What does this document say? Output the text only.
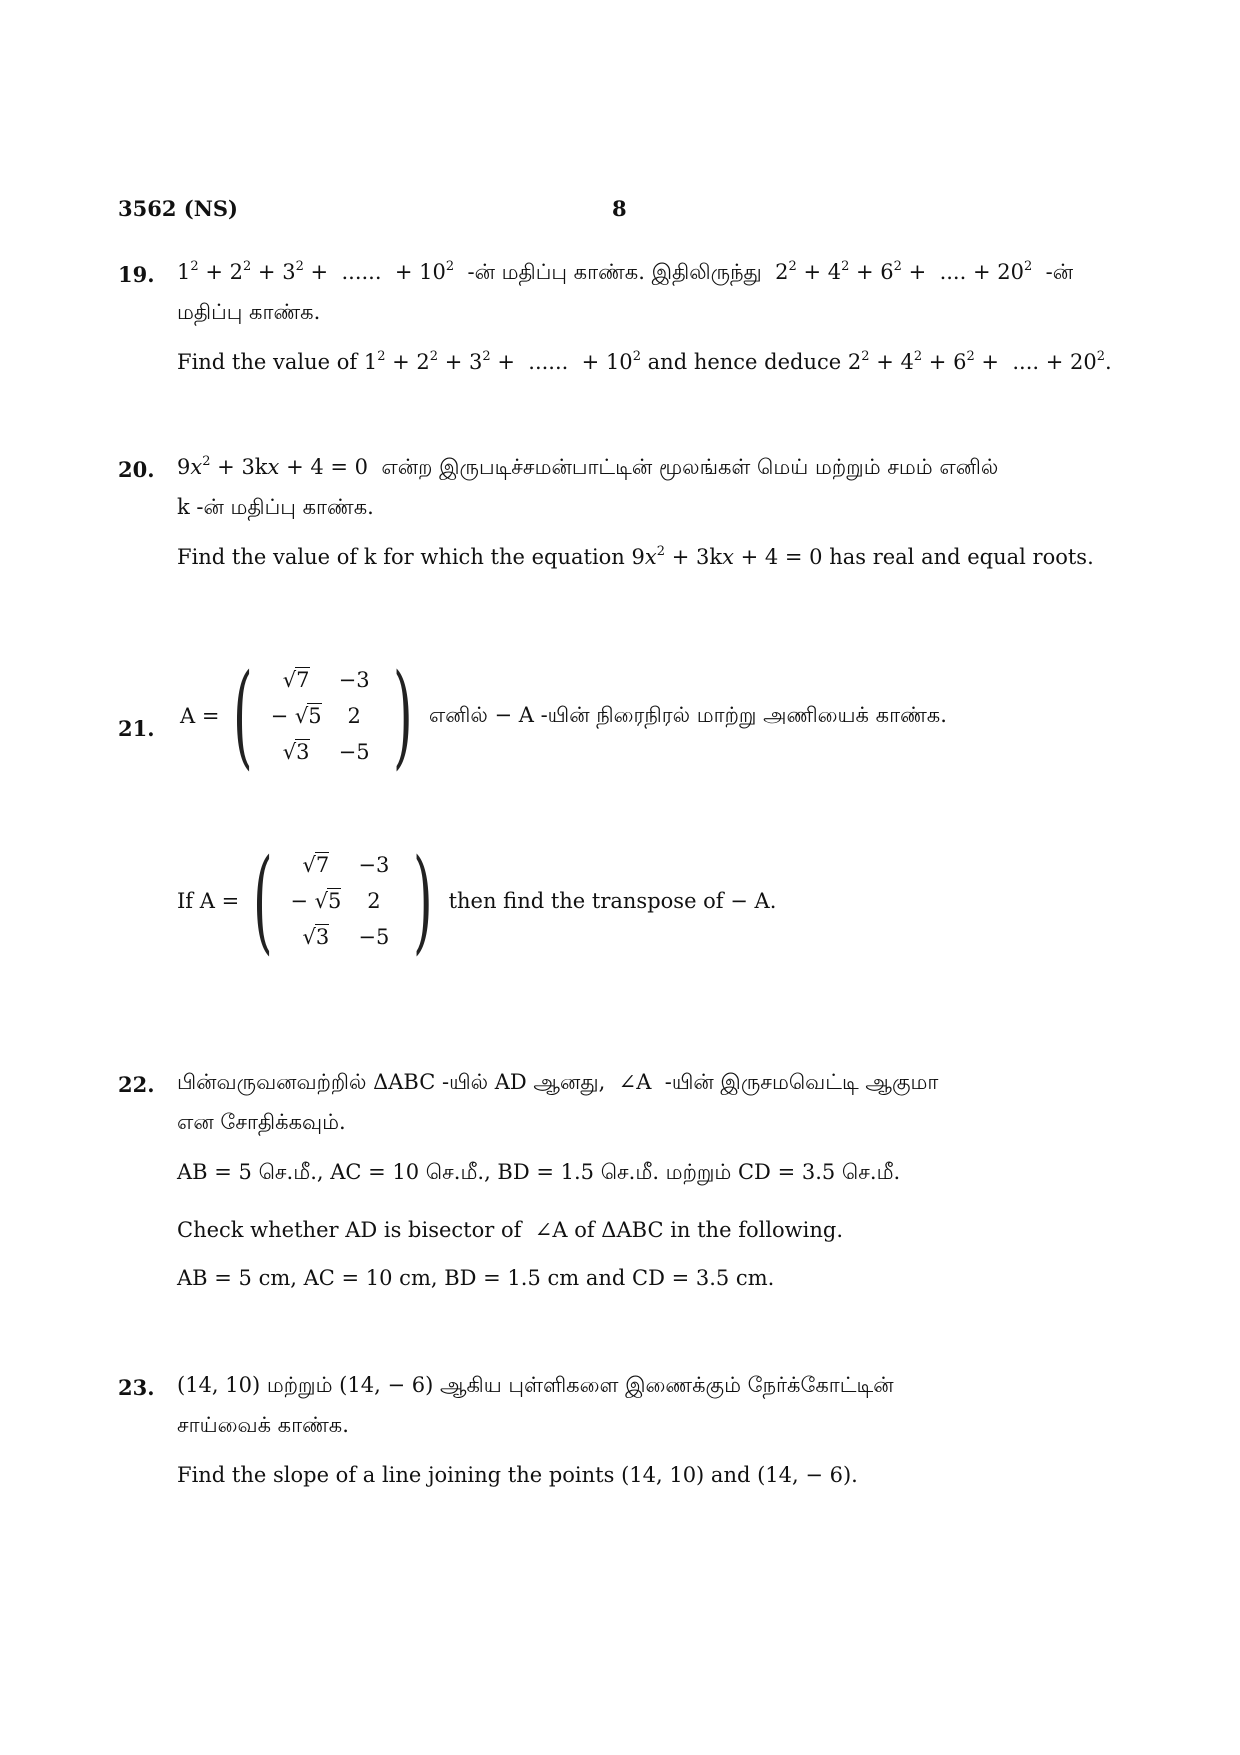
3562 (NS)	8
19. $1^2 + 2^2 + 3^2$ +  ......  + $10^2$ -ன் மதிப்பு காண்க. இதிலிருந்து  $2^2 + 4^2 + 6^2$ +  .... + $20^2$ -ன்
மதிப்பு காண்க.
Find the value of $1^2 + 2^2 + 3^2$ +  ......  + $10^2$ and hence deduce $2^2 + 4^2 + 6^2$ +  .... + $20^2$.
20. $9x^2 + 3kx + 4 = 0$  என்ற இருபடிச்சமன்பாட்டின் மூலங்கள் மெய் மற்றும் சமம் எனில்
k -ன் மதிப்பு காண்க.
Find the value of k for which the equation $9x^2 + 3kx + 4 = 0$ has real and equal roots.
21. A = (	√7	−3
− √5	2
√3	−5 ) எனில் − A -யின் நிரைநிரல் மாற்று அணியைக் காண்க.
If A = (	√7	−3
− √5	2
√3	−5 ) then find the transpose of − A.
22. பின்வருவனவற்றில் ΔABC -யில் AD ஆனது, ∠A -யின் இருசமவெட்டி ஆகுமா
என சோதிக்கவும்.
AB = 5 செ.மீ., AC = 10 செ.மீ., BD = 1.5 செ.மீ. மற்றும் CD = 3.5 செ.மீ.
Check whether AD is bisector of ∠A of ΔABC in the following.
AB = 5 cm, AC = 10 cm, BD = 1.5 cm and CD = 3.5 cm.
23. (14, 10) மற்றும் (14, − 6) ஆகிய புள்ளிகளை இணைக்கும் நேர்க்கோட்டின்
சாய்வைக் காண்க.
Find the slope of a line joining the points (14, 10) and (14, − 6).
